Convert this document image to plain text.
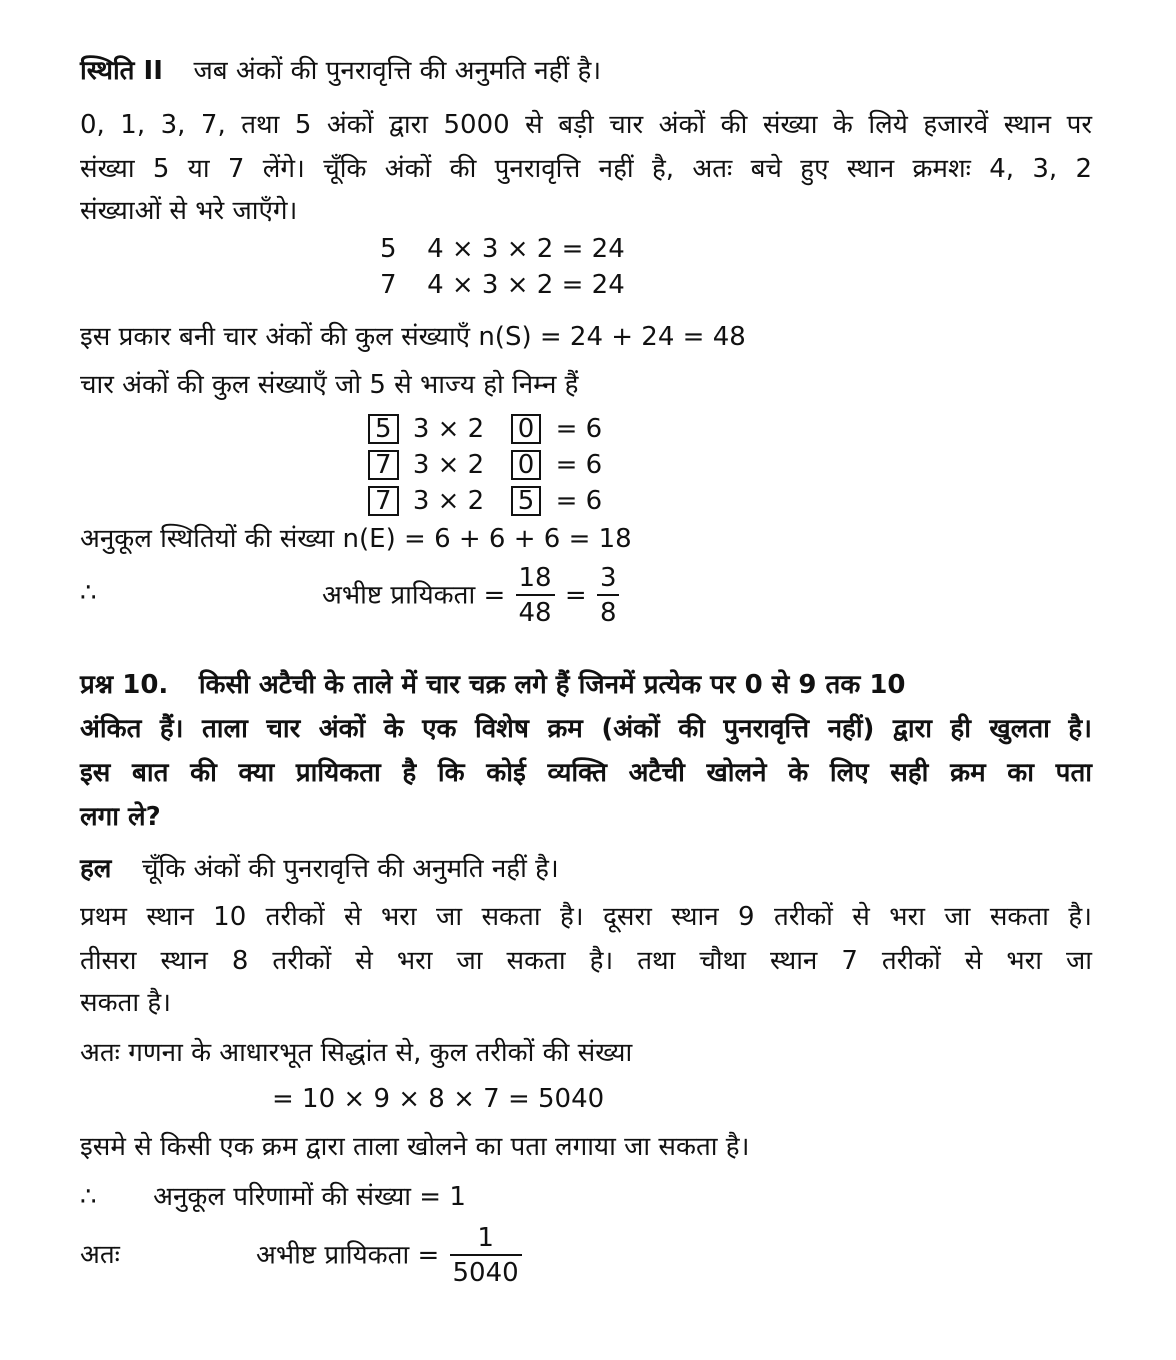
स्थिति II जब अंकों की पुनरावृत्ति की अनुमति नहीं है।
0, 1, 3, 7, तथा 5 अंकों द्वारा 5000 से बड़ी चार अंकों की संख्या के लिये हजारवें स्थान पर
संख्या 5 या 7 लेंगे। चूँकि अंकों की पुनरावृत्ति नहीं है, अतः बचे हुए स्थान क्रमशः 4, 3, 2
संख्याओं से भरे जाएँगे।
5 4 × 3 × 2 = 24
7 4 × 3 × 2 = 24
इस प्रकार बनी चार अंकों की कुल संख्याएँ n(S) = 24 + 24 = 48
चार अंकों की कुल संख्याएँ जो 5 से भाज्य हो निम्न हैं
5 3 × 2 0 = 6
7 3 × 2 0 = 6
7 3 × 2 5 = 6
अनुकूल स्थितियों की संख्या n(E) = 6 + 6 + 6 = 18
∴	अभीष्ट प्रायिकता = $\frac{18}{48} = \frac{3}{8}$
प्रश्न 10. किसी अटैची के ताले में चार चक्र लगे हैं जिनमें प्रत्येक पर 0 से 9 तक 10
अंकित हैं। ताला चार अंकों के एक विशेष क्रम (अंकों की पुनरावृत्ति नहीं) द्वारा ही खुलता है।
इस बात की क्या प्रायिकता है कि कोई व्यक्ति अटैची खोलने के लिए सही क्रम का पता
लगा ले?
हल चूँकि अंकों की पुनरावृत्ति की अनुमति नहीं है।
प्रथम स्थान 10 तरीकों से भरा जा सकता है। दूसरा स्थान 9 तरीकों से भरा जा सकता है।
तीसरा स्थान 8 तरीकों से भरा जा सकता है। तथा चौथा स्थान 7 तरीकों से भरा जा
सकता है।
अतः गणना के आधारभूत सिद्धांत से, कुल तरीकों की संख्या
= 10 × 9 × 8 × 7 = 5040
इसमे से किसी एक क्रम द्वारा ताला खोलने का पता लगाया जा सकता है।
∴ अनुकूल परिणामों की संख्या = 1
अतः	अभीष्ट प्रायिकता = $\frac{1}{5040}$
